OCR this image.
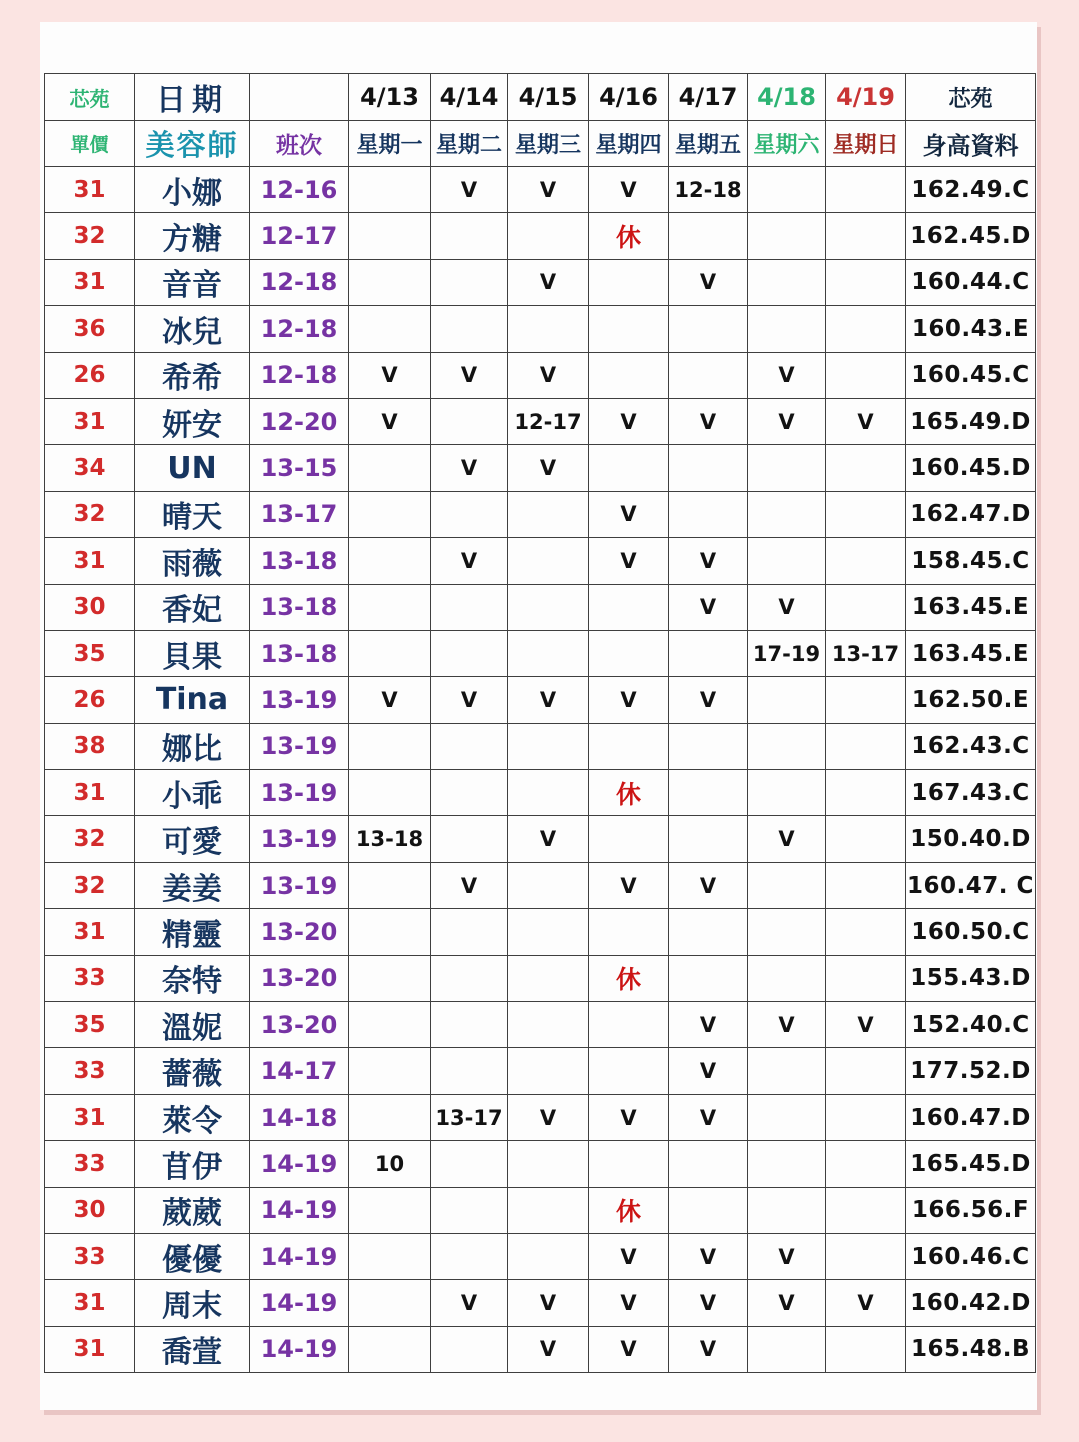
芯苑	日期		4/13	4/14	4/15	4/16	4/17	4/18	4/19	芯苑
單價	美容師	班次	星期一	星期二	星期三	星期四	星期五	星期六	星期日	身高資料
31	小娜	12-16		V	V	V	12-18			162.49.C
32	方糖	12-17				休				162.45.D
31	音音	12-18			V		V			160.44.C
36	冰兒	12-18								160.43.E
26	希希	12-18	V	V	V			V		160.45.C
31	妍安	12-20	V		12-17	V	V	V	V	165.49.D
34	UN	13-15		V	V					160.45.D
32	晴天	13-17				V				162.47.D
31	雨薇	13-18		V		V	V			158.45.C
30	香妃	13-18					V	V		163.45.E
35	貝果	13-18						17-19	13-17	163.45.E
26	Tina	13-19	V	V	V	V	V			162.50.E
38	娜比	13-19								162.43.C
31	小乖	13-19				休				167.43.C
32	可愛	13-19	13-18		V			V		150.40.D
32	姜姜	13-19		V		V	V			160.47. C
31	精靈	13-20								160.50.C
33	奈特	13-20				休				155.43.D
35	溫妮	13-20					V	V	V	152.40.C
33	薔薇	14-17					V			177.52.D
31	萊令	14-18		13-17	V	V	V			160.47.D
33	苜伊	14-19	10							165.45.D
30	葳葳	14-19				休				166.56.F
33	優優	14-19				V	V	V		160.46.C
31	周末	14-19		V	V	V	V	V	V	160.42.D
31	喬萱	14-19			V	V	V			165.48.B
